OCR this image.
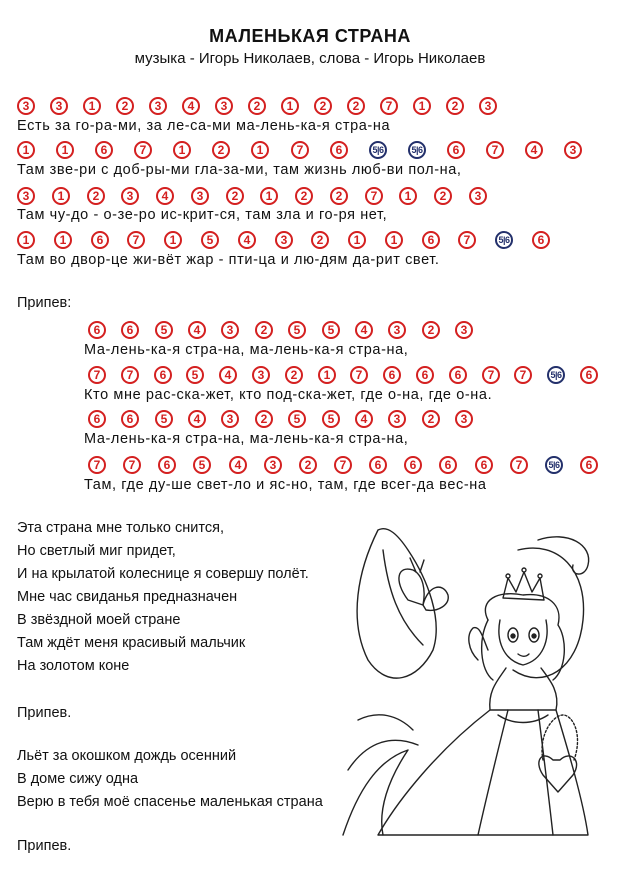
МАЛЕНЬКАЯ СТРАНА
музыка - Игорь Николаев, слова - Игорь Николаев
3	3	1	2	3	4	3	2	1	2	2	7	1	2	3
Есть за го-ра-ми, за ле-са-ми ма-лень-ка-я стра-на
1	1	6	7	1	2	1	7	6	5|6	5|6	6	7	4	3
Там зве-ри с доб-ры-ми гла-за-ми, там жизнь люб-ви пол-на,
3	1	2	3	4	3	2	1	2	2	7	1	2	3
Там чу-до - о-зе-ро ис-крит-ся, там зла и го-ря нет,
1	1	6	7	1	5	4	3	2	1	1	6	7	5|6	6
Там во двор-це жи-вёт жар - пти-ца и лю-дям да-рит свет.
Припев:
6	6	5	4	3	2	5	5	4	3	2	3
Ма-лень-ка-я стра-на, ма-лень-ка-я стра-на,
7	7	6	5	4	3	2	1	7	6	6	6	7	7	5|6	6
Кто мне рас-ска-жет, кто под-ска-жет, где о-на, где о-на.
6	6	5	4	3	2	5	5	4	3	2	3
Ма-лень-ка-я стра-на, ма-лень-ка-я стра-на,
7	7	6	5	4	3	2	7	6	6	6	6	7	5|6	6
Там, где ду-ше свет-ло и яс-но, там, где всег-да вес-на
Эта страна мне только снится,
Но светлый миг придет,
И на крылатой колеснице я совершу полёт.
Мне час свиданья предназначен
В звёздной моей стране
Там ждёт меня красивый мальчик
На золотом коне
Припев.
Льёт за окошком дождь осенний
В доме сижу одна
Верю в тебя моё спасенье маленькая страна
Припев.
